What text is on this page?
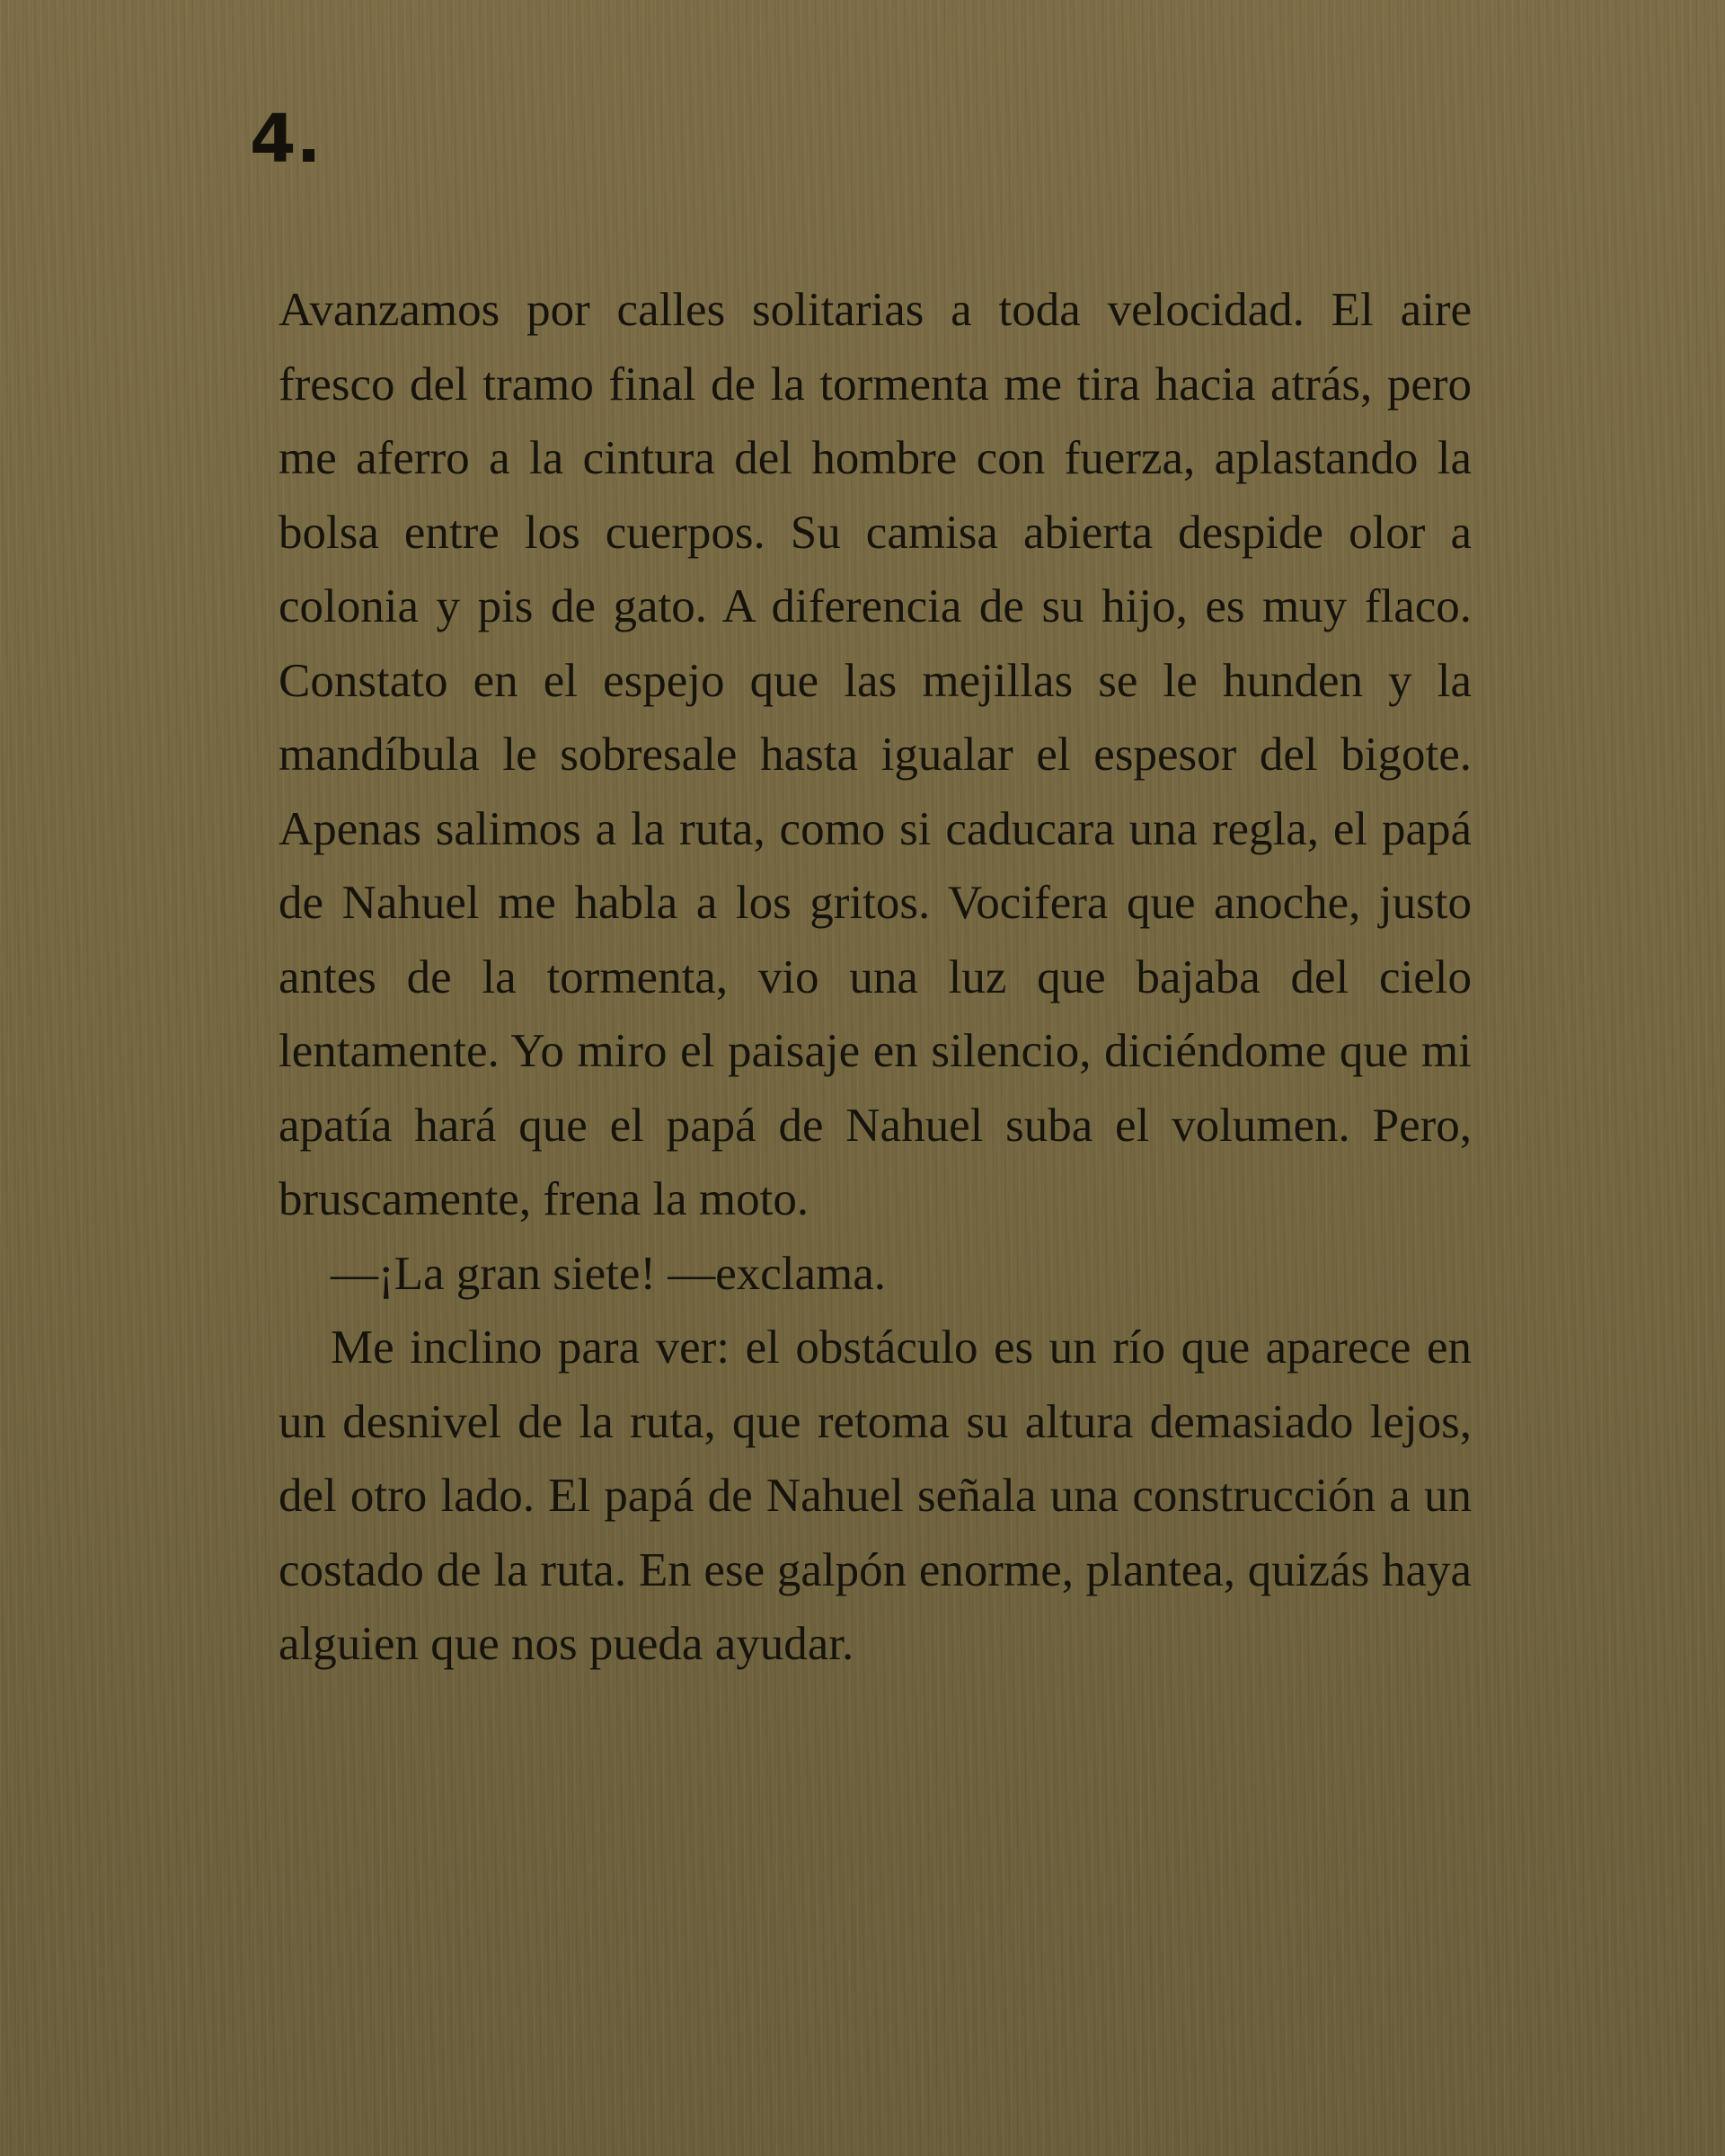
4.

Avanzamos por calles solitarias a toda velocidad. El aire fresco del tramo final de la tormenta me tira hacia atrás, pero me aferro a la cintura del hombre con fuerza, aplastando la bolsa entre los cuerpos. Su camisa abierta despide olor a colonia y pis de gato. A diferencia de su hijo, es muy flaco. Constato en el espejo que las mejillas se le hunden y la mandíbula le sobresale hasta igualar el espesor del bigote. Apenas salimos a la ruta, como si caducara una regla, el papá de Nahuel me habla a los gritos. Vocifera que anoche, justo antes de la tormenta, vio una luz que bajaba del cielo lentamente. Yo miro el paisaje en silencio, diciéndome que mi apatía hará que el papá de Nahuel suba el volumen. Pero, bruscamente, frena la moto.

—¡La gran siete! —exclama.

Me inclino para ver: el obstáculo es un río que aparece en un desnivel de la ruta, que retoma su altura demasiado lejos, del otro lado. El papá de Nahuel señala una construcción a un costado de la ruta. En ese galpón enorme, plantea, quizás haya alguien que nos pueda ayudar.
